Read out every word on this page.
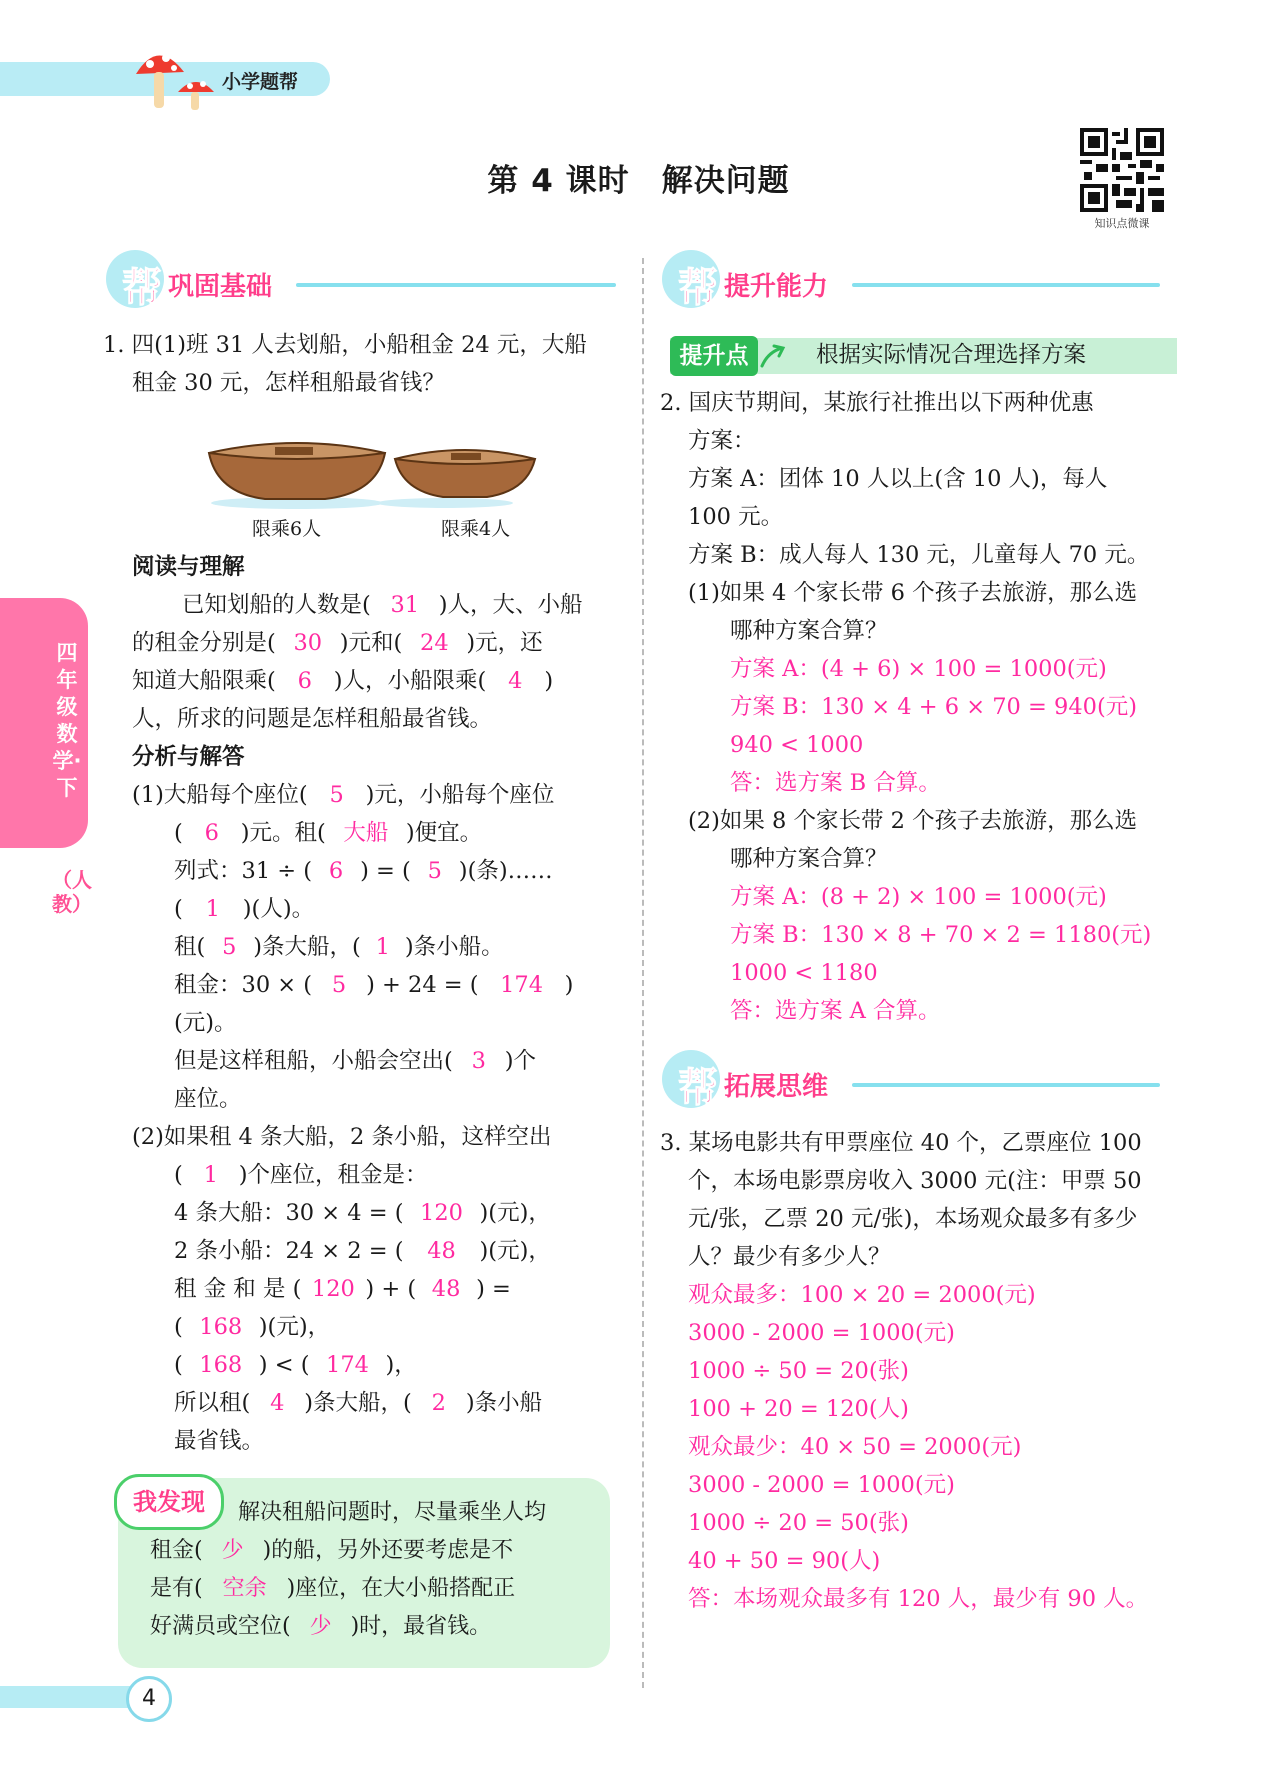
小学题帮
第 4 课时　解决问题
知识点微课
四年级数学·下
（人教）
帮 巩固基础
1. 四(1)班 31 人去划船，小船租金 24 元，大船
租金 30 元，怎样租船最省钱？
限乘6人	限乘4人
阅读与理解
已知划船的人数是( 31 )人，大、小船
的租金分别是( 30 )元和( 24 )元，还
知道大船限乘( 6 )人，小船限乘( 4 )
人，所求的问题是怎样租船最省钱。
分析与解答
(1)大船每个座位( 5 )元，小船每个座位
( 6 )元。租( 大船 )便宜。
列式：31 ÷ ( 6 ) = ( 5 )(条)……
( 1 )(人)。
租( 5 )条大船，( 1 )条小船。
租金：30 × ( 5 ) + 24 = ( 174 )
(元)。
但是这样租船，小船会空出( 3 )个
座位。
(2)如果租 4 条大船，2 条小船，这样空出
( 1 )个座位，租金是：
4 条大船：30 × 4 = ( 120 )(元)，
2 条小船：24 × 2 = ( 48 )(元)，
租 金 和 是 ( 120 ) + ( 48 ) =
( 168 )(元)，
( 168 ) < ( 174 )，
所以租( 4 )条大船，( 2 )条小船
最省钱。
我发现	解决租船问题时，尽量乘坐人均
租金( 少 )的船，另外还要考虑是不
是有( 空余 )座位，在大小船搭配正
好满员或空位( 少 )时，最省钱。
帮 提升能力
提升点	根据实际情况合理选择方案
2. 国庆节期间，某旅行社推出以下两种优惠
方案：
方案 A：团体 10 人以上(含 10 人)，每人
100 元。
方案 B：成人每人 130 元，儿童每人 70 元。
(1)如果 4 个家长带 6 个孩子去旅游，那么选
哪种方案合算？
方案 A：(4 + 6) × 100 = 1000(元)
方案 B：130 × 4 + 6 × 70 = 940(元)
940 < 1000
答：选方案 B 合算。
(2)如果 8 个家长带 2 个孩子去旅游，那么选
哪种方案合算？
方案 A：(8 + 2) × 100 = 1000(元)
方案 B：130 × 8 + 70 × 2 = 1180(元)
1000 < 1180
答：选方案 A 合算。
帮 拓展思维
3. 某场电影共有甲票座位 40 个，乙票座位 100
个，本场电影票房收入 3000 元(注：甲票 50
元/张，乙票 20 元/张)，本场观众最多有多少
人？最少有多少人？
观众最多：100 × 20 = 2000(元)
3000 - 2000 = 1000(元)
1000 ÷ 50 = 20(张)
100 + 20 = 120(人)
观众最少：40 × 50 = 2000(元)
3000 - 2000 = 1000(元)
1000 ÷ 20 = 50(张)
40 + 50 = 90(人)
答：本场观众最多有 120 人，最少有 90 人。
4
